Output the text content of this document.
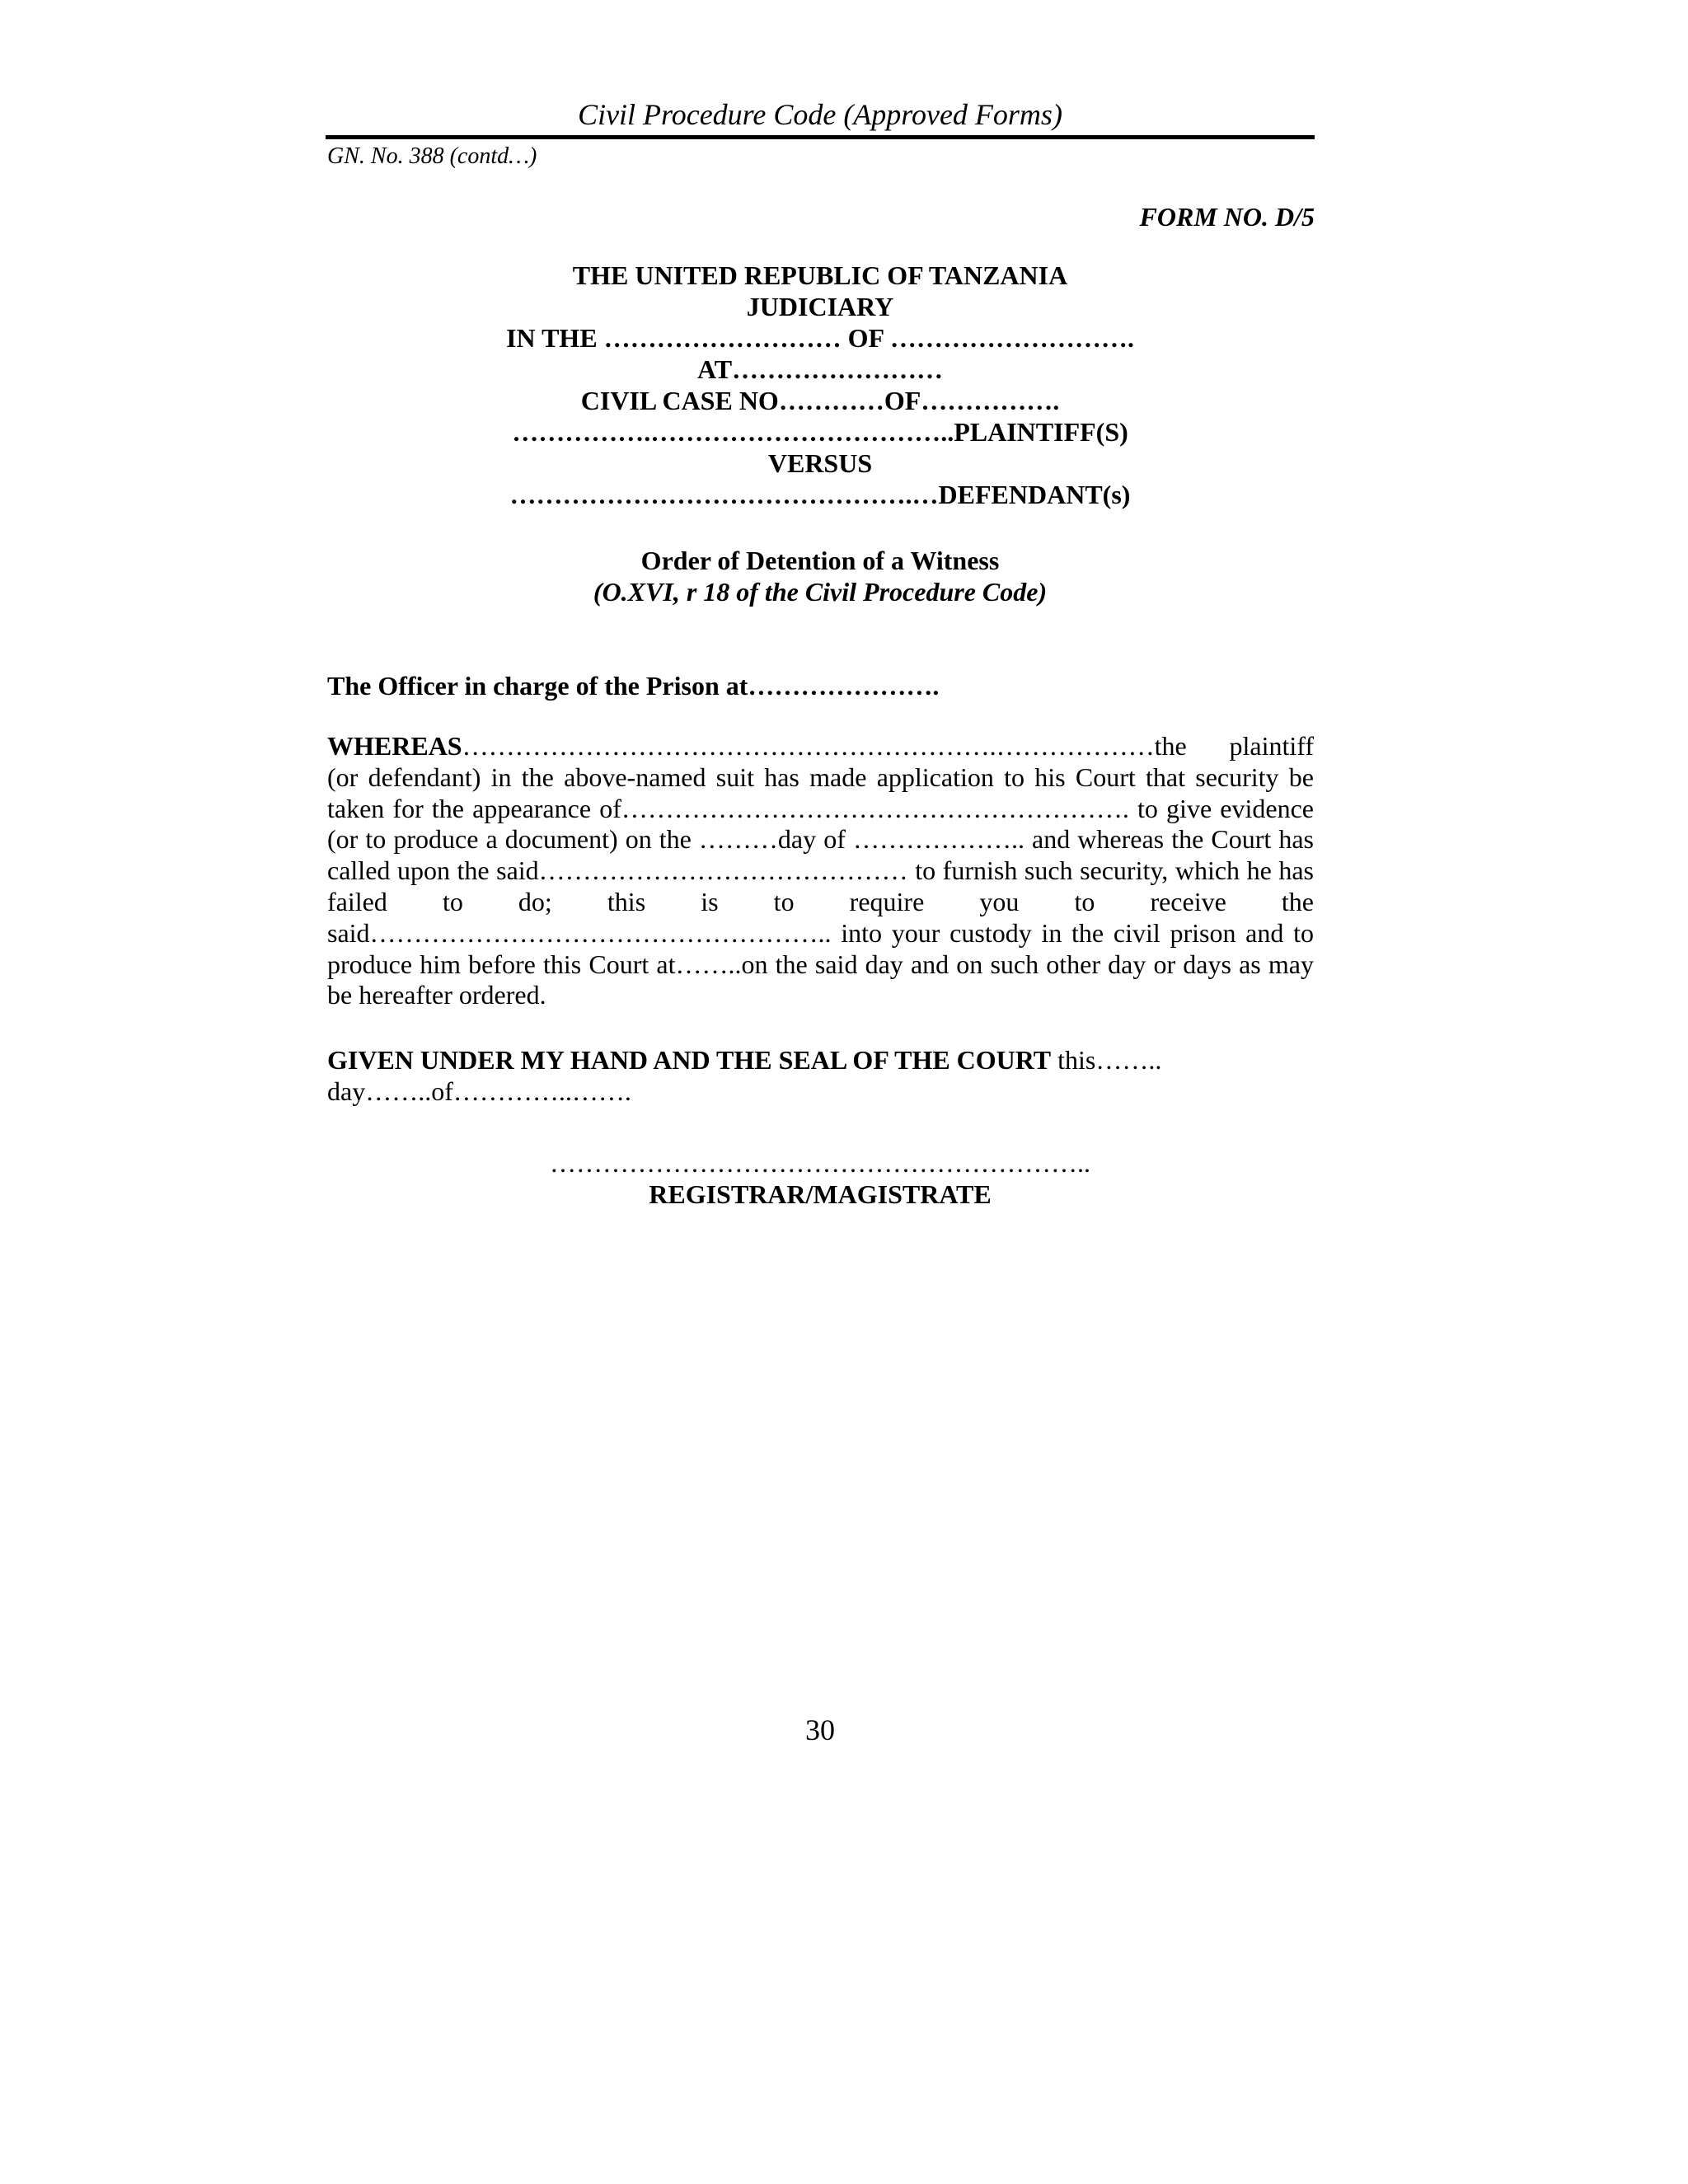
Civil Procedure Code (Approved Forms)
GN. No. 388 (contd…)
FORM NO. D/5
THE UNITED REPUBLIC OF TANZANIA
JUDICIARY
IN THE ……………………… OF ……………………….
AT……………………
CIVIL CASE NO…………OF…………….
…………….……………………………..PLAINTIFF(S)
VERSUS
……………………………………….…DEFENDANT(s)
Order of Detention of a Witness
(O.XVI, r 18 of the Civil Procedure Code)
The Officer in charge of the Prison at………………….
WHEREAS…………………………………………………….………………the plaintiff (or defendant) in the above-named suit has made application to his Court that security be taken for the appearance of…………………………………………………. to give evidence (or to produce a document) on the ………day of ……………….. and whereas the Court has called upon the said…………………………………… to furnish such security, which he has failed to do; this is to require you to receive the said…………………………………………….. into your custody in the civil prison and to produce him before this Court at……..on the said day and on such other day or days as may be hereafter ordered.
GIVEN UNDER MY HAND AND THE SEAL OF THE COURT this…….. day……..of…………..…….
……………………………………………………..
REGISTRAR/MAGISTRATE
30
